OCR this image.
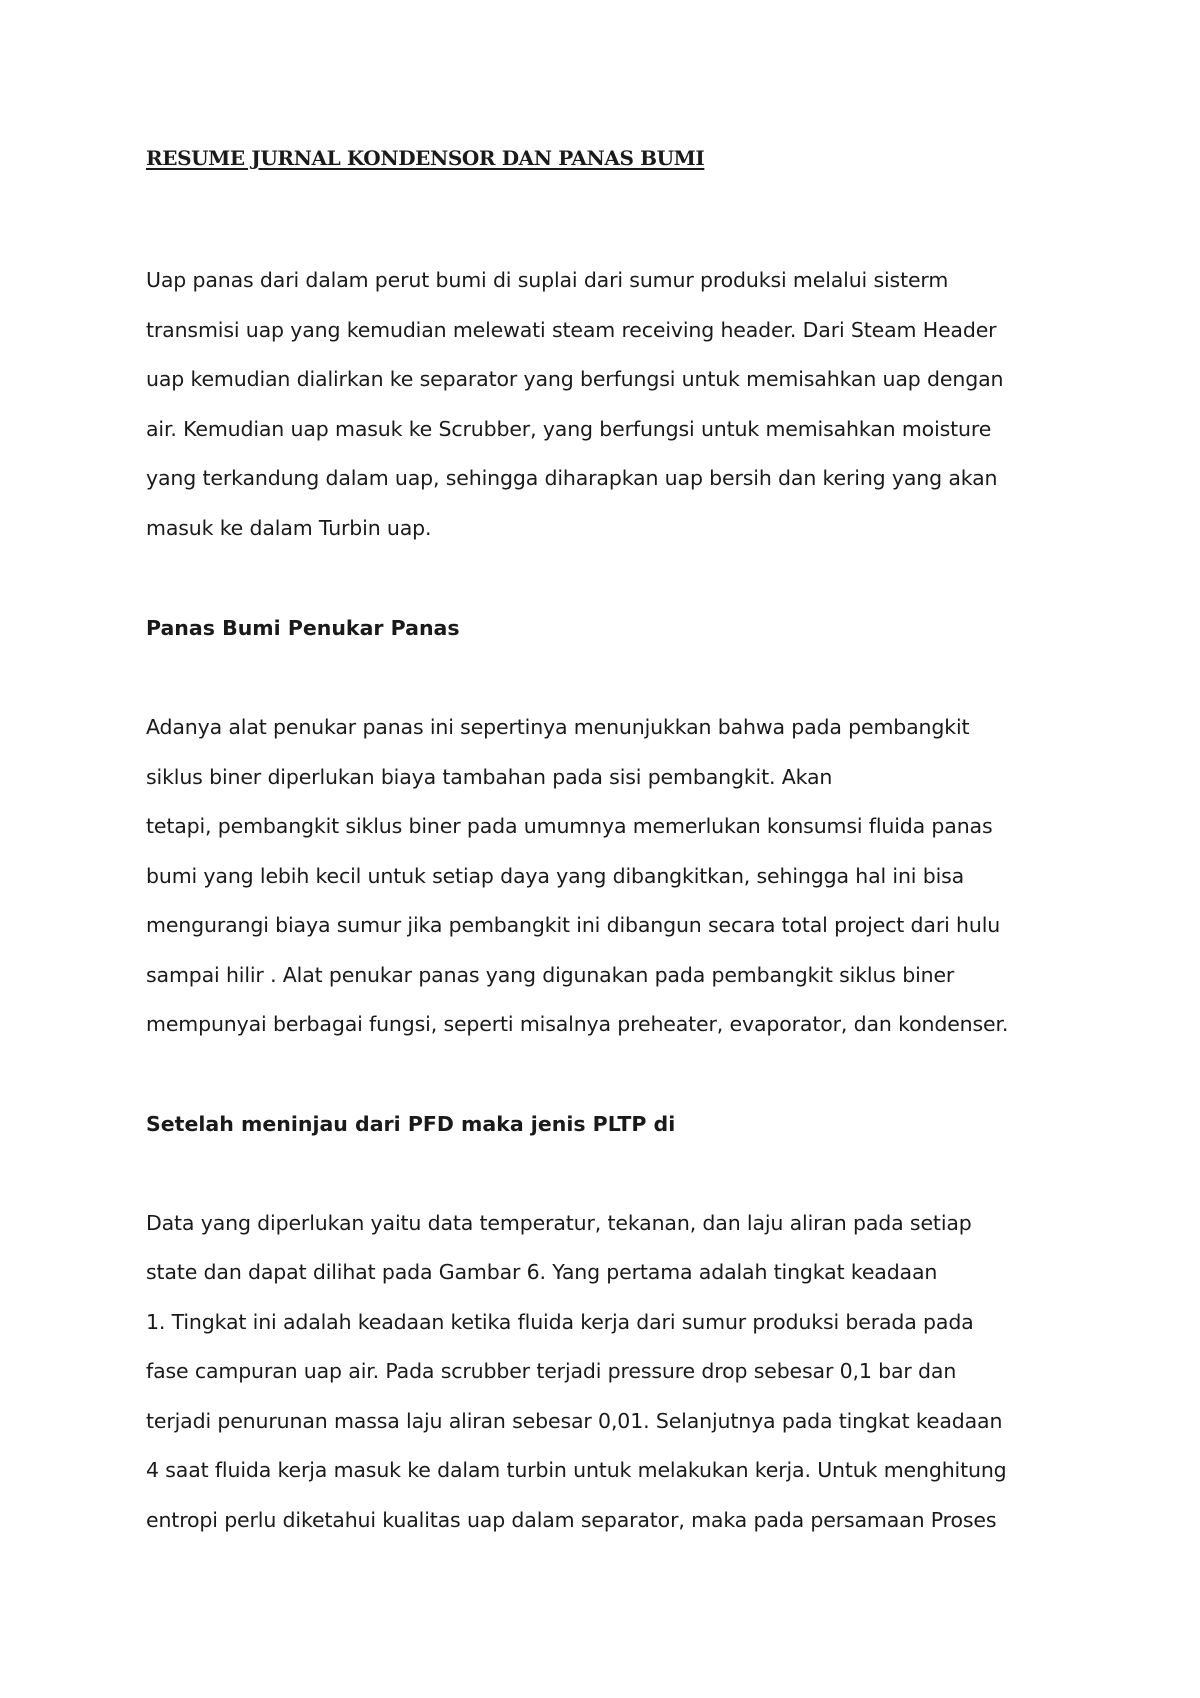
RESUME JURNAL KONDENSOR DAN PANAS BUMI
Uap panas dari dalam perut bumi di suplai dari sumur produksi melalui sisterm
transmisi uap yang kemudian melewati steam receiving header. Dari Steam Header
uap kemudian dialirkan ke separator yang berfungsi untuk memisahkan uap dengan
air. Kemudian uap masuk ke Scrubber, yang berfungsi untuk memisahkan moisture
yang terkandung dalam uap, sehingga diharapkan uap bersih dan kering yang akan
masuk ke dalam Turbin uap.
Panas Bumi Penukar Panas
Adanya alat penukar panas ini sepertinya menunjukkan bahwa pada pembangkit
siklus biner diperlukan biaya tambahan pada sisi pembangkit. Akan
tetapi, pembangkit siklus biner pada umumnya memerlukan konsumsi fluida panas
bumi yang lebih kecil untuk setiap daya yang dibangkitkan, sehingga hal ini bisa
mengurangi biaya sumur jika pembangkit ini dibangun secara total project dari hulu
sampai hilir . Alat penukar panas yang digunakan pada pembangkit siklus biner
mempunyai berbagai fungsi, seperti misalnya preheater, evaporator, dan kondenser.
Setelah meninjau dari PFD maka jenis PLTP di
Data yang diperlukan yaitu data temperatur, tekanan, dan laju aliran pada setiap
state dan dapat dilihat pada Gambar 6. Yang pertama adalah tingkat keadaan
1. Tingkat ini adalah keadaan ketika fluida kerja dari sumur produksi berada pada
fase campuran uap air. Pada scrubber terjadi pressure drop sebesar 0,1 bar dan
terjadi penurunan massa laju aliran sebesar 0,01. Selanjutnya pada tingkat keadaan
4 saat fluida kerja masuk ke dalam turbin untuk melakukan kerja. Untuk menghitung
entropi perlu diketahui kualitas uap dalam separator, maka pada persamaan Proses
